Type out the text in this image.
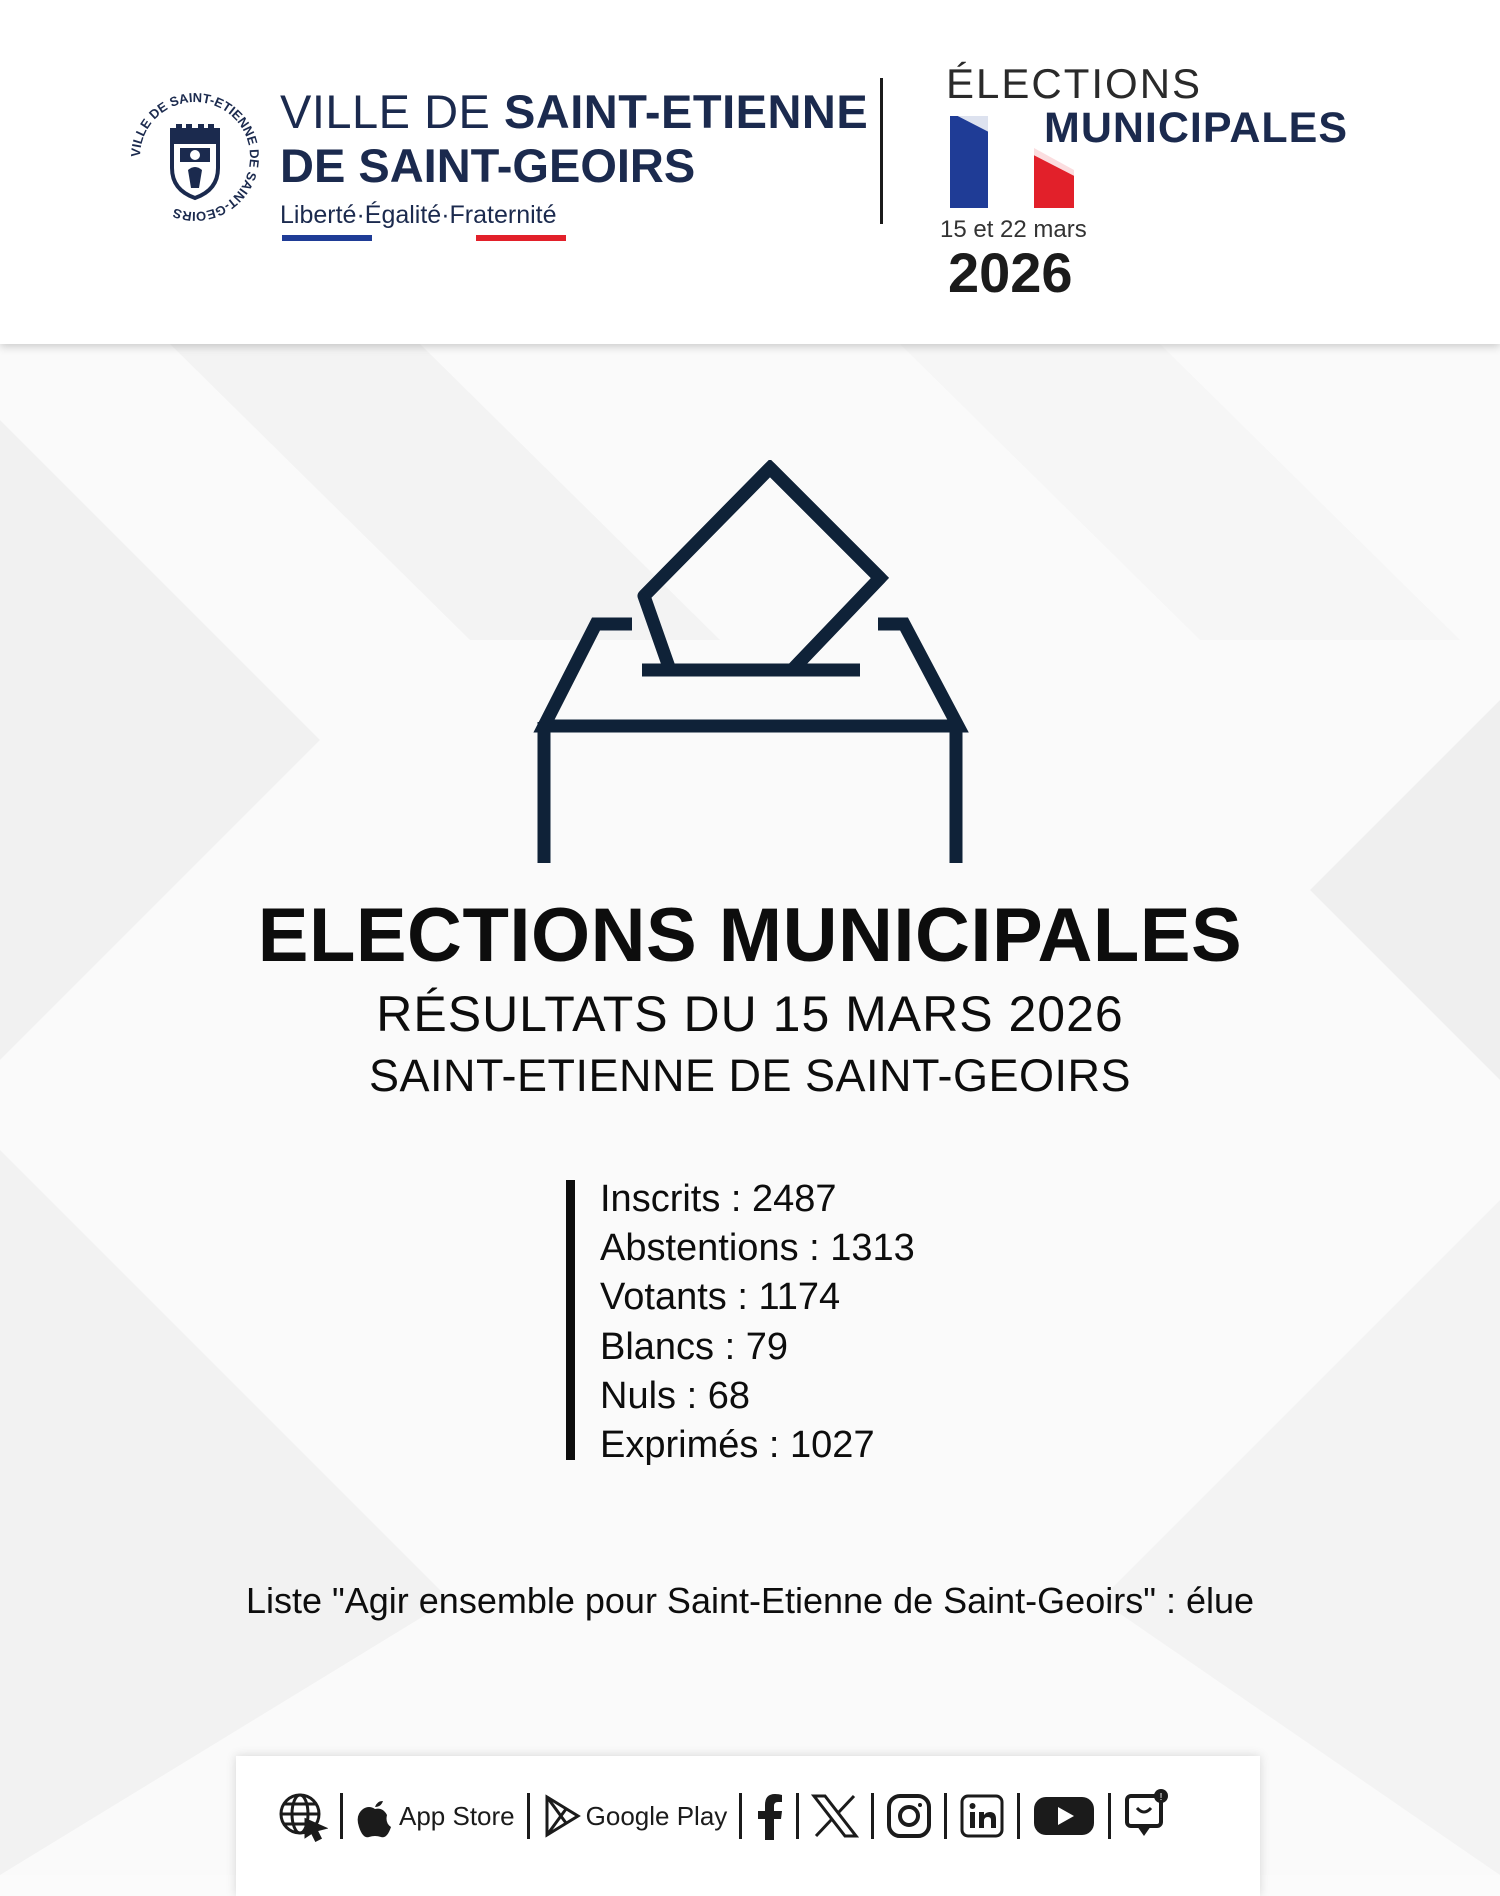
VILLE DE SAINT-ETIENNE DE SAINT-GEOIRS
VILLE DE SAINT-ETIENNE
DE SAINT-GEOIRS
Liberté·Égalité·Fraternité
ÉLECTIONS
MUNICIPALES
15 et 22 mars
2026
ELECTIONS MUNICIPALES
RÉSULTATS DU 15 MARS 2026
SAINT-ETIENNE DE SAINT-GEOIRS
Inscrits : 2487
Abstentions : 1313
Votants : 1174
Blancs : 79
Nuls : 68
Exprimés : 1027
Liste "Agir ensemble pour Saint-Etienne de Saint-Geoirs" : élue
App Store	Google Play
!
